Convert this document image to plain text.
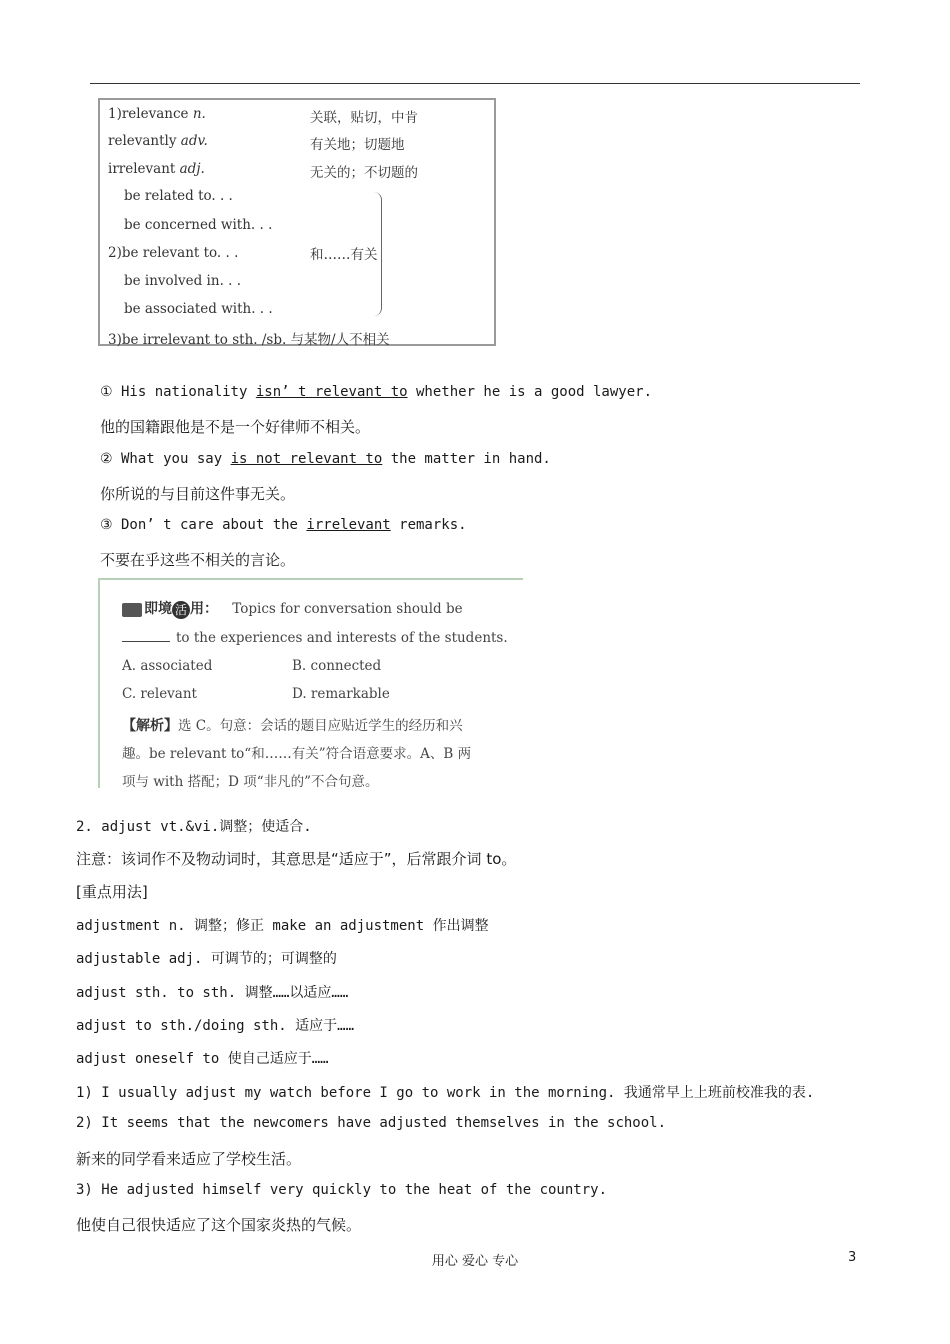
1)relevance n.	关联，贴切，中肯
relevantly adv.	有关地；切题地
irrelevant adj.	无关的；不切题的
be related to. . .
be concerned with. . .
2)be relevant to. . .
be involved in. . .
be associated with. . .
和……有关
3)be irrelevant to sth. /sb. 与某物/人不相关
① His nationality isn’ t relevant to whether he is a good lawyer.
他的国籍跟他是不是一个好律师不相关。
② What you say is not relevant to the matter in hand.
你所说的与目前这件事无关。
③ Don’ t care about the irrelevant remarks.
不要在乎这些不相关的言论。
即境 活 用： Topics for conversation should be
to the experiences and interests of the students.
A. associated	B. connected
C. relevant	D. remarkable
【解析】选 C。句意：会话的题目应贴近学生的经历和兴
趣。be relevant to“和……有关”符合语意要求。A、B 两
项与 with 搭配；D 项“非凡的”不合句意。
2. adjust vt.&vi.调整；使适合.
注意：该词作不及物动词时，其意思是“适应于”，后常跟介词 to。
[重点用法]
adjustment n. 调整；修正 make an adjustment 作出调整
adjustable adj. 可调节的；可调整的
adjust sth. to sth. 调整……以适应……
adjust to sth./doing sth. 适应于……
adjust oneself to 使自己适应于……
1) I usually adjust my watch before I go to work in the morning. 我通常早上上班前校准我的表.
2) It seems that the newcomers have adjusted themselves in the school.
新来的同学看来适应了学校生活。
3) He adjusted himself very quickly to the heat of the country.
他使自己很快适应了这个国家炎热的气候。
用心 爱心 专心	3
